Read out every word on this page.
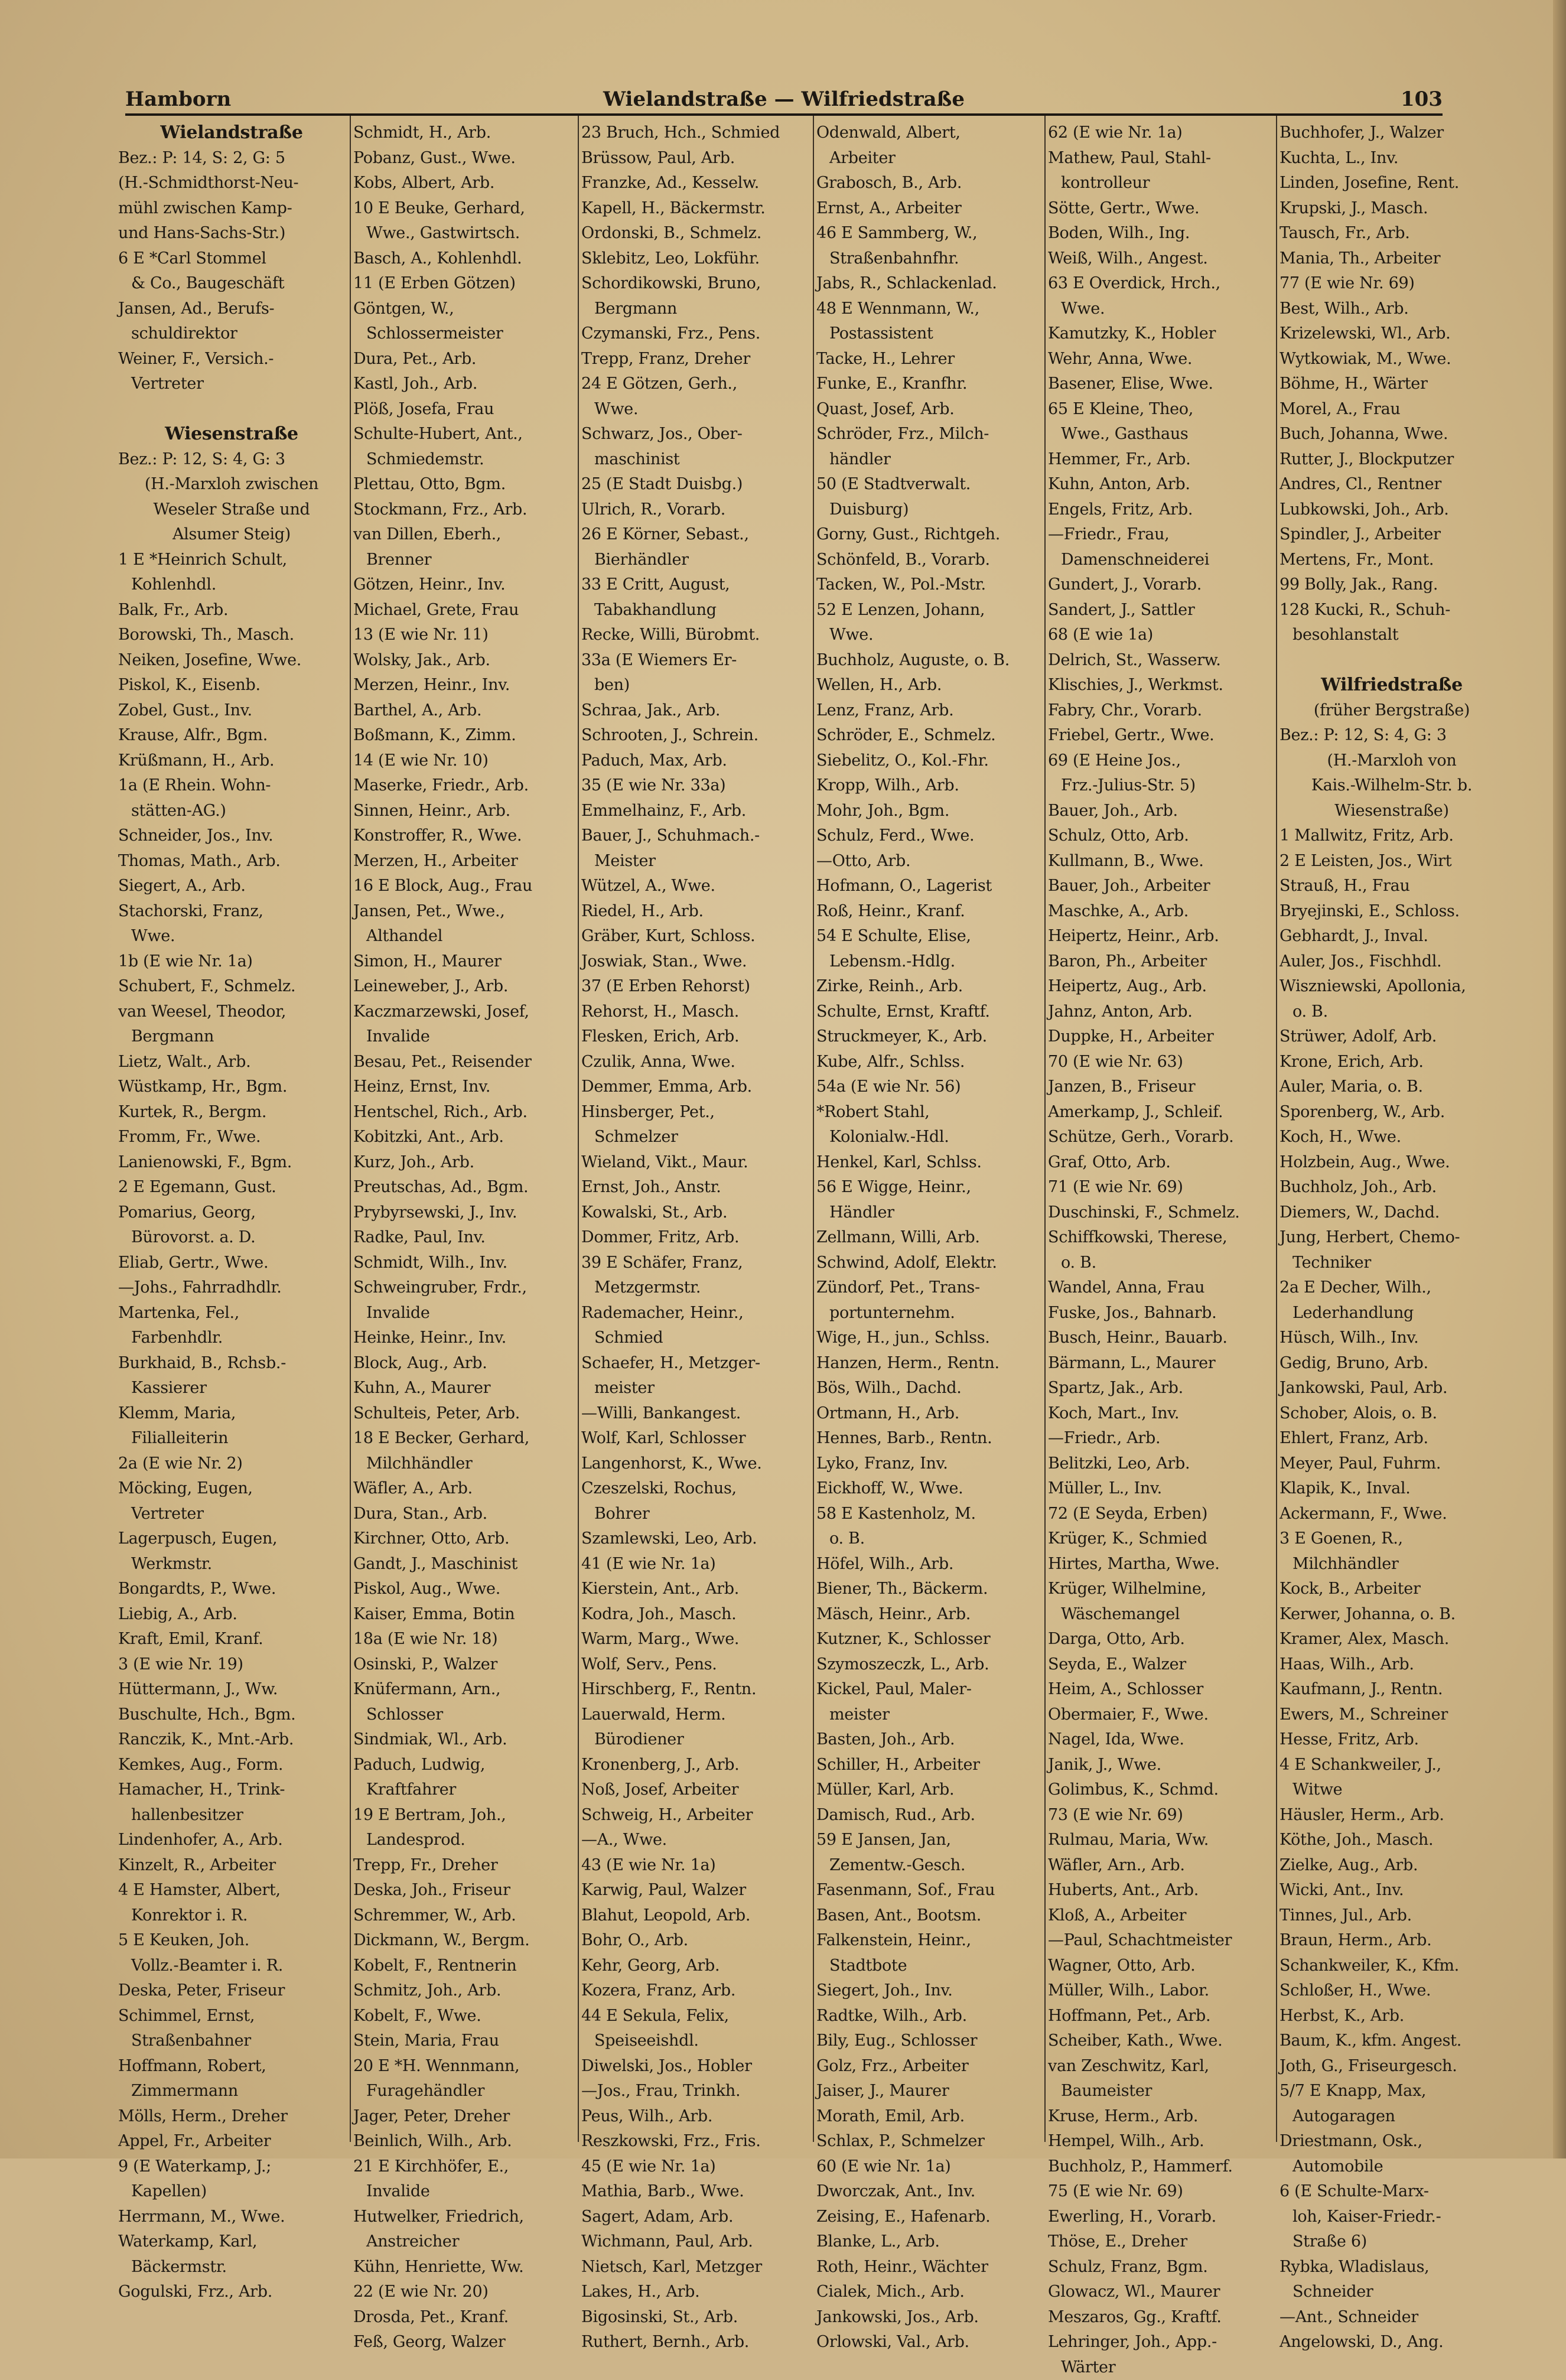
Wielandstraße — Wilfriedstraße
Hamborn	103
Wielandstraße
Bez.: P: 14, S: 2, G: 5
(H.-Schmidthorst-Neu-
mühl zwischen Kamp-
und Hans-Sachs-Str.)
6 E *Carl Stommel
& Co., Baugeschäft
Jansen, Ad., Berufs-
schuldirektor
Weiner, F., Versich.-
Vertreter
Wiesenstraße
Bez.: P: 12, S: 4, G: 3
(H.-Marxloh zwischen
Weseler Straße und
Alsumer Steig)
1 E *Heinrich Schult,
Kohlenhdl.
Balk, Fr., Arb.
Borowski, Th., Masch.
Neiken, Josefine, Wwe.
Piskol, K., Eisenb.
Zobel, Gust., Inv.
Krause, Alfr., Bgm.
Krüßmann, H., Arb.
1a (E Rhein. Wohn-
stätten-AG.)
Schneider, Jos., Inv.
Thomas, Math., Arb.
Siegert, A., Arb.
Stachorski, Franz,
Wwe.
1b (E wie Nr. 1a)
Schubert, F., Schmelz.
van Weesel, Theodor,
Bergmann
Lietz, Walt., Arb.
Wüstkamp, Hr., Bgm.
Kurtek, R., Bergm.
Fromm, Fr., Wwe.
Lanienowski, F., Bgm.
2 E Egemann, Gust.
Pomarius, Georg,
Bürovorst. a. D.
Eliab, Gertr., Wwe.
—Johs., Fahrradhdlr.
Martenka, Fel.,
Farbenhdlr.
Burkhaid, B., Rchsb.-
Kassierer
Klemm, Maria,
Filialleiterin
2a (E wie Nr. 2)
Möcking, Eugen,
Vertreter
Lagerpusch, Eugen,
Werkmstr.
Bongardts, P., Wwe.
Liebig, A., Arb.
Kraft, Emil, Kranf.
3 (E wie Nr. 19)
Hüttermann, J., Ww.
Buschulte, Hch., Bgm.
Ranczik, K., Mnt.-Arb.
Kemkes, Aug., Form.
Hamacher, H., Trink-
hallenbesitzer
Lindenhofer, A., Arb.
Kinzelt, R., Arbeiter
4 E Hamster, Albert,
Konrektor i. R.
5 E Keuken, Joh.
Vollz.-Beamter i. R.
Deska, Peter, Friseur
Schimmel, Ernst,
Straßenbahner
Hoffmann, Robert,
Zimmermann
Mölls, Herm., Dreher
Appel, Fr., Arbeiter
9 (E Waterkamp, J.;
Kapellen)
Herrmann, M., Wwe.
Waterkamp, Karl,
Bäckermstr.
Gogulski, Frz., Arb.
Schmidt, H., Arb.
Pobanz, Gust., Wwe.
Kobs, Albert, Arb.
10 E Beuke, Gerhard,
Wwe., Gastwirtsch.
Basch, A., Kohlenhdl.
11 (E Erben Götzen)
Göntgen, W.,
Schlossermeister
Dura, Pet., Arb.
Kastl, Joh., Arb.
Plöß, Josefa, Frau
Schulte-Hubert, Ant.,
Schmiedemstr.
Plettau, Otto, Bgm.
Stockmann, Frz., Arb.
van Dillen, Eberh.,
Brenner
Götzen, Heinr., Inv.
Michael, Grete, Frau
13 (E wie Nr. 11)
Wolsky, Jak., Arb.
Merzen, Heinr., Inv.
Barthel, A., Arb.
Boßmann, K., Zimm.
14 (E wie Nr. 10)
Maserke, Friedr., Arb.
Sinnen, Heinr., Arb.
Konstroffer, R., Wwe.
Merzen, H., Arbeiter
16 E Block, Aug., Frau
Jansen, Pet., Wwe.,
Althandel
Simon, H., Maurer
Leineweber, J., Arb.
Kaczmarzewski, Josef,
Invalide
Besau, Pet., Reisender
Heinz, Ernst, Inv.
Hentschel, Rich., Arb.
Kobitzki, Ant., Arb.
Kurz, Joh., Arb.
Preutschas, Ad., Bgm.
Prybyrsewski, J., Inv.
Radke, Paul, Inv.
Schmidt, Wilh., Inv.
Schweingruber, Frdr.,
Invalide
Heinke, Heinr., Inv.
Block, Aug., Arb.
Kuhn, A., Maurer
Schulteis, Peter, Arb.
18 E Becker, Gerhard,
Milchhändler
Wäfler, A., Arb.
Dura, Stan., Arb.
Kirchner, Otto, Arb.
Gandt, J., Maschinist
Piskol, Aug., Wwe.
Kaiser, Emma, Botin
18a (E wie Nr. 18)
Osinski, P., Walzer
Knüfermann, Arn.,
Schlosser
Sindmiak, Wl., Arb.
Paduch, Ludwig,
Kraftfahrer
19 E Bertram, Joh.,
Landesprod.
Trepp, Fr., Dreher
Deska, Joh., Friseur
Schremmer, W., Arb.
Dickmann, W., Bergm.
Kobelt, F., Rentnerin
Schmitz, Joh., Arb.
Kobelt, F., Wwe.
Stein, Maria, Frau
20 E *H. Wennmann,
Furagehändler
Jager, Peter, Dreher
Beinlich, Wilh., Arb.
21 E Kirchhöfer, E.,
Invalide
Hutwelker, Friedrich,
Anstreicher
Kühn, Henriette, Ww.
22 (E wie Nr. 20)
Drosda, Pet., Kranf.
Feß, Georg, Walzer
23 Bruch, Hch., Schmied
Brüssow, Paul, Arb.
Franzke, Ad., Kesselw.
Kapell, H., Bäckermstr.
Ordonski, B., Schmelz.
Sklebitz, Leo, Lokführ.
Schordikowski, Bruno,
Bergmann
Czymanski, Frz., Pens.
Trepp, Franz, Dreher
24 E Götzen, Gerh.,
Wwe.
Schwarz, Jos., Ober-
maschinist
25 (E Stadt Duisbg.)
Ulrich, R., Vorarb.
26 E Körner, Sebast.,
Bierhändler
33 E Critt, August,
Tabakhandlung
Recke, Willi, Bürobmt.
33a (E Wiemers Er-
ben)
Schraa, Jak., Arb.
Schrooten, J., Schrein.
Paduch, Max, Arb.
35 (E wie Nr. 33a)
Emmelhainz, F., Arb.
Bauer, J., Schuhmach.-
Meister
Wützel, A., Wwe.
Riedel, H., Arb.
Gräber, Kurt, Schloss.
Joswiak, Stan., Wwe.
37 (E Erben Rehorst)
Rehorst, H., Masch.
Flesken, Erich, Arb.
Czulik, Anna, Wwe.
Demmer, Emma, Arb.
Hinsberger, Pet.,
Schmelzer
Wieland, Vikt., Maur.
Ernst, Joh., Anstr.
Kowalski, St., Arb.
Dommer, Fritz, Arb.
39 E Schäfer, Franz,
Metzgermstr.
Rademacher, Heinr.,
Schmied
Schaefer, H., Metzger-
meister
—Willi, Bankangest.
Wolf, Karl, Schlosser
Langenhorst, K., Wwe.
Czeszelski, Rochus,
Bohrer
Szamlewski, Leo, Arb.
41 (E wie Nr. 1a)
Kierstein, Ant., Arb.
Kodra, Joh., Masch.
Warm, Marg., Wwe.
Wolf, Serv., Pens.
Hirschberg, F., Rentn.
Lauerwald, Herm.
Bürodiener
Kronenberg, J., Arb.
Noß, Josef, Arbeiter
Schweig, H., Arbeiter
—A., Wwe.
43 (E wie Nr. 1a)
Karwig, Paul, Walzer
Blahut, Leopold, Arb.
Bohr, O., Arb.
Kehr, Georg, Arb.
Kozera, Franz, Arb.
44 E Sekula, Felix,
Speiseeishdl.
Diwelski, Jos., Hobler
—Jos., Frau, Trinkh.
Peus, Wilh., Arb.
Reszkowski, Frz., Fris.
45 (E wie Nr. 1a)
Mathia, Barb., Wwe.
Sagert, Adam, Arb.
Wichmann, Paul, Arb.
Nietsch, Karl, Metzger
Lakes, H., Arb.
Bigosinski, St., Arb.
Ruthert, Bernh., Arb.
Odenwald, Albert,
Arbeiter
Grabosch, B., Arb.
Ernst, A., Arbeiter
46 E Sammberg, W.,
Straßenbahnfhr.
Jabs, R., Schlackenlad.
48 E Wennmann, W.,
Postassistent
Tacke, H., Lehrer
Funke, E., Kranfhr.
Quast, Josef, Arb.
Schröder, Frz., Milch-
händler
50 (E Stadtverwalt.
Duisburg)
Gorny, Gust., Richtgeh.
Schönfeld, B., Vorarb.
Tacken, W., Pol.-Mstr.
52 E Lenzen, Johann,
Wwe.
Buchholz, Auguste, o. B.
Wellen, H., Arb.
Lenz, Franz, Arb.
Schröder, E., Schmelz.
Siebelitz, O., Kol.-Fhr.
Kropp, Wilh., Arb.
Mohr, Joh., Bgm.
Schulz, Ferd., Wwe.
—Otto, Arb.
Hofmann, O., Lagerist
Roß, Heinr., Kranf.
54 E Schulte, Elise,
Lebensm.-Hdlg.
Zirke, Reinh., Arb.
Schulte, Ernst, Kraftf.
Struckmeyer, K., Arb.
Kube, Alfr., Schlss.
54a (E wie Nr. 56)
*Robert Stahl,
Kolonialw.-Hdl.
Henkel, Karl, Schlss.
56 E Wigge, Heinr.,
Händler
Zellmann, Willi, Arb.
Schwind, Adolf, Elektr.
Zündorf, Pet., Trans-
portunternehm.
Wige, H., jun., Schlss.
Hanzen, Herm., Rentn.
Bös, Wilh., Dachd.
Ortmann, H., Arb.
Hennes, Barb., Rentn.
Lyko, Franz, Inv.
Eickhoff, W., Wwe.
58 E Kastenholz, M.
o. B.
Höfel, Wilh., Arb.
Biener, Th., Bäckerm.
Mäsch, Heinr., Arb.
Kutzner, K., Schlosser
Szymoszeczk, L., Arb.
Kickel, Paul, Maler-
meister
Basten, Joh., Arb.
Schiller, H., Arbeiter
Müller, Karl, Arb.
Damisch, Rud., Arb.
59 E Jansen, Jan,
Zementw.-Gesch.
Fasenmann, Sof., Frau
Basen, Ant., Bootsm.
Falkenstein, Heinr.,
Stadtbote
Siegert, Joh., Inv.
Radtke, Wilh., Arb.
Bily, Eug., Schlosser
Golz, Frz., Arbeiter
Jaiser, J., Maurer
Morath, Emil, Arb.
Schlax, P., Schmelzer
60 (E wie Nr. 1a)
Dworczak, Ant., Inv.
Zeising, E., Hafenarb.
Blanke, L., Arb.
Roth, Heinr., Wächter
Cialek, Mich., Arb.
Jankowski, Jos., Arb.
Orlowski, Val., Arb.
62 (E wie Nr. 1a)
Mathew, Paul, Stahl-
kontrolleur
Sötte, Gertr., Wwe.
Boden, Wilh., Ing.
Weiß, Wilh., Angest.
63 E Overdick, Hrch.,
Wwe.
Kamutzky, K., Hobler
Wehr, Anna, Wwe.
Basener, Elise, Wwe.
65 E Kleine, Theo,
Wwe., Gasthaus
Hemmer, Fr., Arb.
Kuhn, Anton, Arb.
Engels, Fritz, Arb.
—Friedr., Frau,
Damenschneiderei
Gundert, J., Vorarb.
Sandert, J., Sattler
68 (E wie 1a)
Delrich, St., Wasserw.
Klischies, J., Werkmst.
Fabry, Chr., Vorarb.
Friebel, Gertr., Wwe.
69 (E Heine Jos.,
Frz.-Julius-Str. 5)
Bauer, Joh., Arb.
Schulz, Otto, Arb.
Kullmann, B., Wwe.
Bauer, Joh., Arbeiter
Maschke, A., Arb.
Heipertz, Heinr., Arb.
Baron, Ph., Arbeiter
Heipertz, Aug., Arb.
Jahnz, Anton, Arb.
Duppke, H., Arbeiter
70 (E wie Nr. 63)
Janzen, B., Friseur
Amerkamp, J., Schleif.
Schütze, Gerh., Vorarb.
Graf, Otto, Arb.
71 (E wie Nr. 69)
Duschinski, F., Schmelz.
Schiffkowski, Therese,
o. B.
Wandel, Anna, Frau
Fuske, Jos., Bahnarb.
Busch, Heinr., Bauarb.
Bärmann, L., Maurer
Spartz, Jak., Arb.
Koch, Mart., Inv.
—Friedr., Arb.
Belitzki, Leo, Arb.
Müller, L., Inv.
72 (E Seyda, Erben)
Krüger, K., Schmied
Hirtes, Martha, Wwe.
Krüger, Wilhelmine,
Wäschemangel
Darga, Otto, Arb.
Seyda, E., Walzer
Heim, A., Schlosser
Obermaier, F., Wwe.
Nagel, Ida, Wwe.
Janik, J., Wwe.
Golimbus, K., Schmd.
73 (E wie Nr. 69)
Rulmau, Maria, Ww.
Wäfler, Arn., Arb.
Huberts, Ant., Arb.
Kloß, A., Arbeiter
—Paul, Schachtmeister
Wagner, Otto, Arb.
Müller, Wilh., Labor.
Hoffmann, Pet., Arb.
Scheiber, Kath., Wwe.
van Zeschwitz, Karl,
Baumeister
Kruse, Herm., Arb.
Hempel, Wilh., Arb.
Buchholz, P., Hammerf.
75 (E wie Nr. 69)
Ewerling, H., Vorarb.
Thöse, E., Dreher
Schulz, Franz, Bgm.
Glowacz, Wl., Maurer
Meszaros, Gg., Kraftf.
Lehringer, Joh., App.-
Wärter
Buchhofer, J., Walzer
Kuchta, L., Inv.
Linden, Josefine, Rent.
Krupski, J., Masch.
Tausch, Fr., Arb.
Mania, Th., Arbeiter
77 (E wie Nr. 69)
Best, Wilh., Arb.
Krizelewski, Wl., Arb.
Wytkowiak, M., Wwe.
Böhme, H., Wärter
Morel, A., Frau
Buch, Johanna, Wwe.
Rutter, J., Blockputzer
Andres, Cl., Rentner
Lubkowski, Joh., Arb.
Spindler, J., Arbeiter
Mertens, Fr., Mont.
99 Bolly, Jak., Rang.
128 Kucki, R., Schuh-
besohlanstalt
Wilfriedstraße
(früher Bergstraße)
Bez.: P: 12, S: 4, G: 3
(H.-Marxloh von
Kais.-Wilhelm-Str. b.
Wiesenstraße)
1 Mallwitz, Fritz, Arb.
2 E Leisten, Jos., Wirt
Strauß, H., Frau
Bryejinski, E., Schloss.
Gebhardt, J., Inval.
Auler, Jos., Fischhdl.
Wiszniewski, Apollonia,
o. B.
Strüwer, Adolf, Arb.
Krone, Erich, Arb.
Auler, Maria, o. B.
Sporenberg, W., Arb.
Koch, H., Wwe.
Holzbein, Aug., Wwe.
Buchholz, Joh., Arb.
Diemers, W., Dachd.
Jung, Herbert, Chemo-
Techniker
2a E Decher, Wilh.,
Lederhandlung
Hüsch, Wilh., Inv.
Gedig, Bruno, Arb.
Jankowski, Paul, Arb.
Schober, Alois, o. B.
Ehlert, Franz, Arb.
Meyer, Paul, Fuhrm.
Klapik, K., Inval.
Ackermann, F., Wwe.
3 E Goenen, R.,
Milchhändler
Kock, B., Arbeiter
Kerwer, Johanna, o. B.
Kramer, Alex, Masch.
Haas, Wilh., Arb.
Kaufmann, J., Rentn.
Ewers, M., Schreiner
Hesse, Fritz, Arb.
4 E Schankweiler, J.,
Witwe
Häusler, Herm., Arb.
Köthe, Joh., Masch.
Zielke, Aug., Arb.
Wicki, Ant., Inv.
Tinnes, Jul., Arb.
Braun, Herm., Arb.
Schankweiler, K., Kfm.
Schloßer, H., Wwe.
Herbst, K., Arb.
Baum, K., kfm. Angest.
Joth, G., Friseurgesch.
5/7 E Knapp, Max,
Autogaragen
Driestmann, Osk.,
Automobile
6 (E Schulte-Marx-
loh, Kaiser-Friedr.-
Straße 6)
Rybka, Wladislaus,
Schneider
—Ant., Schneider
Angelowski, D., Ang.
